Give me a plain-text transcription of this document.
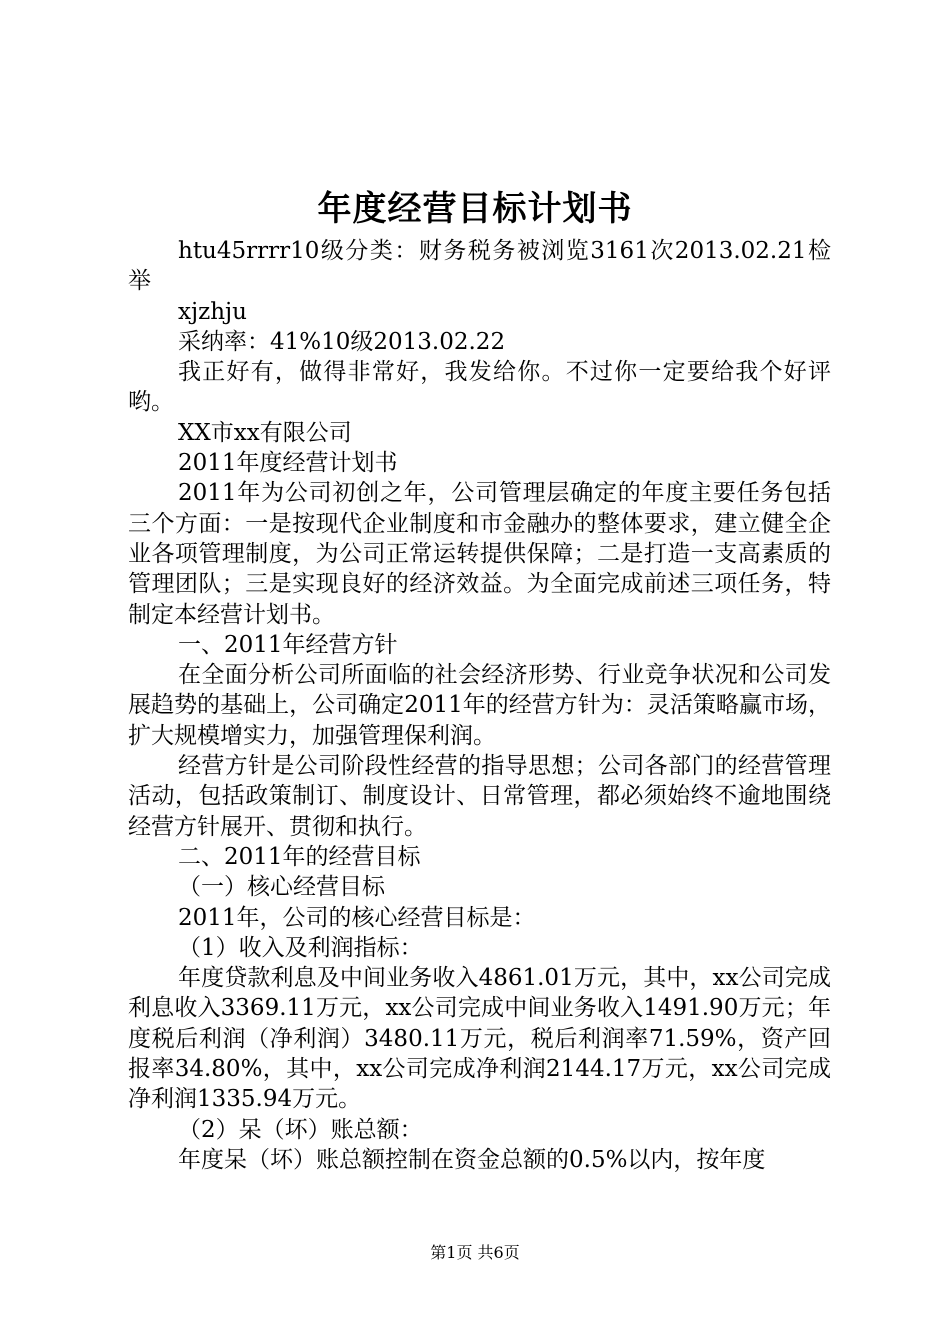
年度经营目标计划书

htu45rrrr10级分类：财务税务被浏览3161次2013.02.21检举

xjzhju

采纳率：41%10级2013.02.22

我正好有，做得非常好，我发给你。不过你一定要给我个好评哟。

XX市xx有限公司

2011年度经营计划书

2011年为公司初创之年，公司管理层确定的年度主要任务包括三个方面：一是按现代企业制度和市金融办的整体要求，建立健全企业各项管理制度，为公司正常运转提供保障；二是打造一支高素质的管理团队；三是实现良好的经济效益。为全面完成前述三项任务，特制定本经营计划书。

一、2011年经营方针

在全面分析公司所面临的社会经济形势、行业竞争状况和公司发展趋势的基础上，公司确定2011年的经营方针为：灵活策略赢市场，扩大规模增实力，加强管理保利润。

经营方针是公司阶段性经营的指导思想；公司各部门的经营管理活动，包括政策制订、制度设计、日常管理，都必须始终不逾地围绕经营方针展开、贯彻和执行。

二、2011年的经营目标

（一）核心经营目标

2011年，公司的核心经营目标是：

（1）收入及利润指标：

年度贷款利息及中间业务收入4861.01万元，其中，xx公司完成利息收入3369.11万元，xx公司完成中间业务收入1491.90万元；年度税后利润（净利润）3480.11万元，税后利润率71.59%，资产回报率34.80%，其中，xx公司完成净利润2144.17万元，xx公司完成净利润1335.94万元。

（2）呆（坏）账总额：

年度呆（坏）账总额控制在资金总额的0.5%以内，按年度

第1页 共6页
